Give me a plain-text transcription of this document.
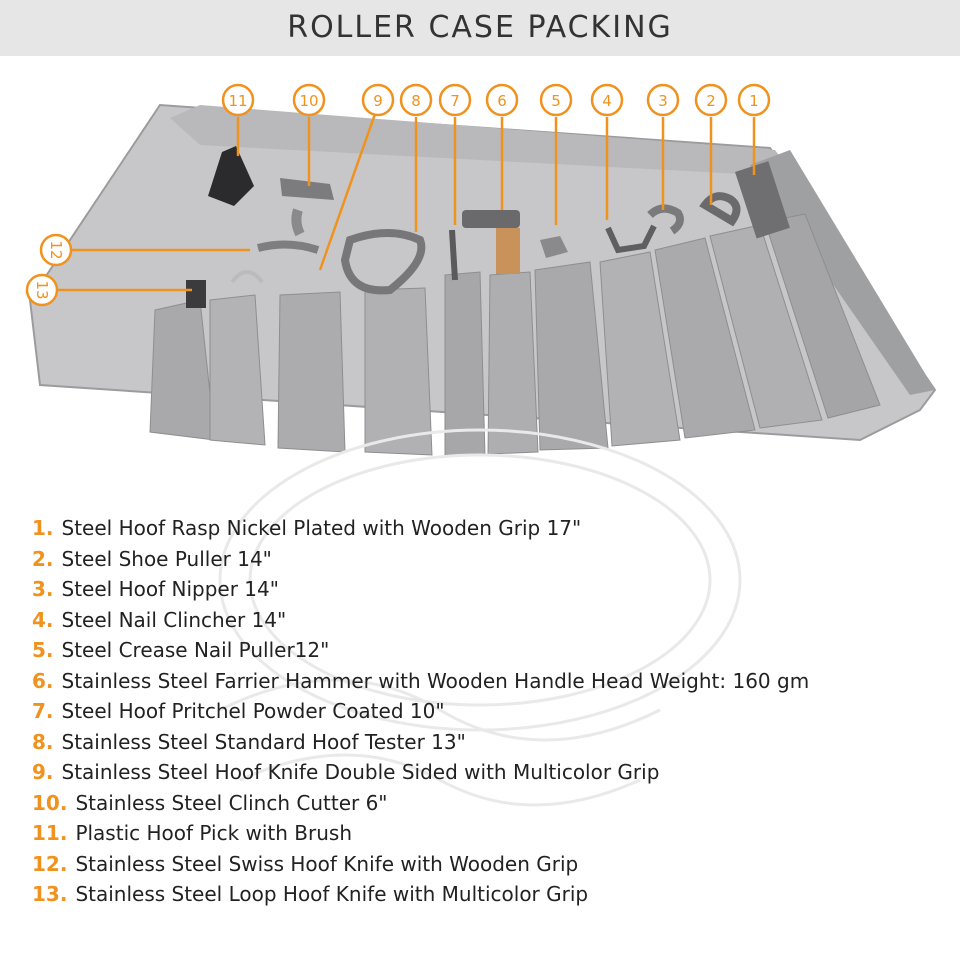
ROLLER CASE PACKING
11	10	9 8 7 6	5	4	3	2 1
12
13
1. Steel Hoof Rasp Nickel Plated with Wooden Grip 17"
2. Steel Shoe Puller 14"
3. Steel Hoof Nipper 14"
4. Steel Nail Clincher 14"
5. Steel Crease Nail Puller12"
6. Stainless Steel Farrier Hammer with Wooden Handle Head Weight: 160 gm
7. Steel Hoof Pritchel Powder Coated 10"
8. Stainless Steel Standard Hoof Tester 13"
9. Stainless Steel Hoof Knife Double Sided with Multicolor Grip
10. Stainless Steel Clinch Cutter 6"
11. Plastic Hoof Pick with Brush
12. Stainless Steel Swiss Hoof Knife with Wooden Grip
13. Stainless Steel Loop Hoof Knife with Multicolor Grip
